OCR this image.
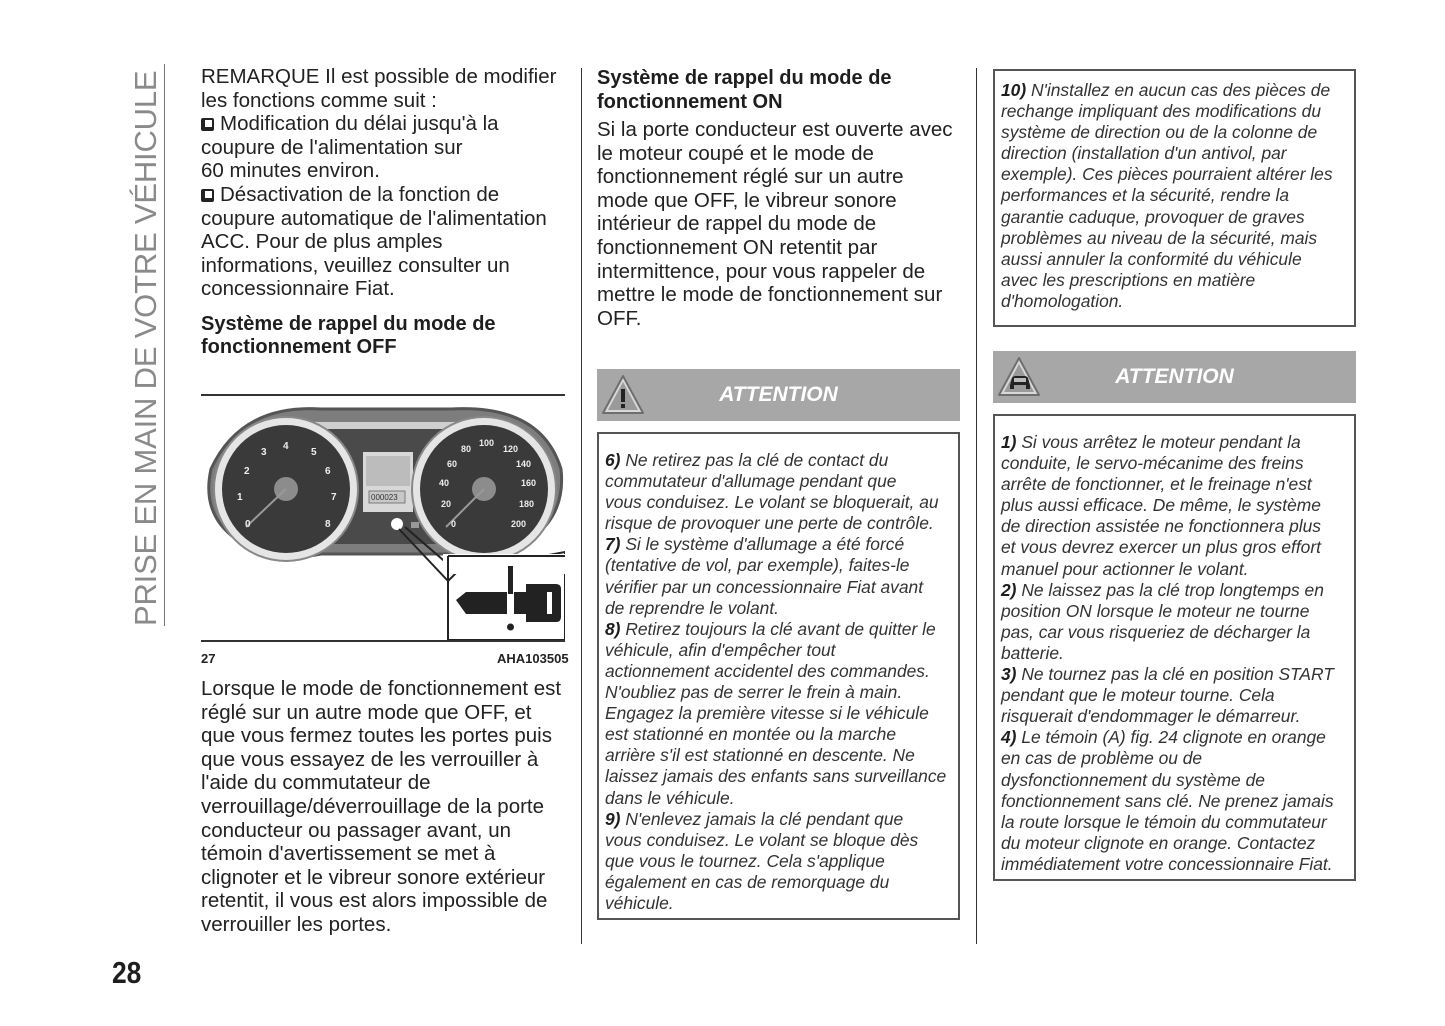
PRISE EN MAIN DE VOTRE VÉHICULE REMARQUE Il est possible de modifier
les fonctions comme suit :
Modification du délai jusqu'à la
coupure de l'alimentation sur
60 minutes environ.
Désactivation de la fonction de
coupure automatique de l'alimentation
ACC. Pour de plus amples
informations, veuillez consulter un
concessionnaire Fiat.

Système de rappel du mode de
fonctionnement OFF
000023
0
1
2
3
4
5
6
7
8	0
20
40
60
80
100
120
140
160
180
200
27	AHA103505

Lorsque le mode de fonctionnement est
réglé sur un autre mode que OFF, et
que vous fermez toutes les portes puis
que vous essayez de les verrouiller à
l'aide du commutateur de
verrouillage/déverrouillage de la porte
conducteur ou passager avant, un
témoin d'avertissement se met à
clignoter et le vibreur sonore extérieur
retentit, il vous est alors impossible de
verrouiller les portes.

Système de rappel du mode de
fonctionnement ON

Si la porte conducteur est ouverte avec
le moteur coupé et le mode de
fonctionnement réglé sur un autre
mode que OFF, le vibreur sonore
intérieur de rappel du mode de
fonctionnement ON retentit par
intermittence, pour vous rappeler de
mettre le mode de fonctionnement sur
OFF.

ATTENTION

6) Ne retirez pas la clé de contact du
commutateur d'allumage pendant que
vous conduisez. Le volant se bloquerait, au
risque de provoquer une perte de contrôle.

7) Si le système d'allumage a été forcé
(tentative de vol, par exemple), faites-le
vérifier par un concessionnaire Fiat avant
de reprendre le volant.

8) Retirez toujours la clé avant de quitter le
véhicule, afin d'empêcher tout
actionnement accidentel des commandes.
N'oubliez pas de serrer le frein à main.
Engagez la première vitesse si le véhicule
est stationné en montée ou la marche
arrière s'il est stationné en descente. Ne
laissez jamais des enfants sans surveillance
dans le véhicule.

9) N'enlevez jamais la clé pendant que
vous conduisez. Le volant se bloque dès
que vous le tournez. Cela s'applique
également en cas de remorquage du
véhicule.

10) N'installez en aucun cas des pièces de
rechange impliquant des modifications du
système de direction ou de la colonne de
direction (installation d'un antivol, par
exemple). Ces pièces pourraient altérer les
performances et la sécurité, rendre la
garantie caduque, provoquer de graves
problèmes au niveau de la sécurité, mais
aussi annuler la conformité du véhicule
avec les prescriptions en matière
d'homologation.

ATTENTION

1) Si vous arrêtez le moteur pendant la
conduite, le servo-mécanime des freins
arrête de fonctionner, et le freinage n'est
plus aussi efficace. De même, le système
de direction assistée ne fonctionnera plus
et vous devrez exercer un plus gros effort
manuel pour actionner le volant.

2) Ne laissez pas la clé trop longtemps en
position ON lorsque le moteur ne tourne
pas, car vous risqueriez de décharger la
batterie.

3) Ne tournez pas la clé en position START
pendant que le moteur tourne. Cela
risquerait d'endommager le démarreur.

4) Le témoin (A) fig. 24 clignote en orange
en cas de problème ou de
dysfonctionnement du système de
fonctionnement sans clé. Ne prenez jamais
la route lorsque le témoin du commutateur
du moteur clignote en orange. Contactez
immédiatement votre concessionnaire Fiat.

28
